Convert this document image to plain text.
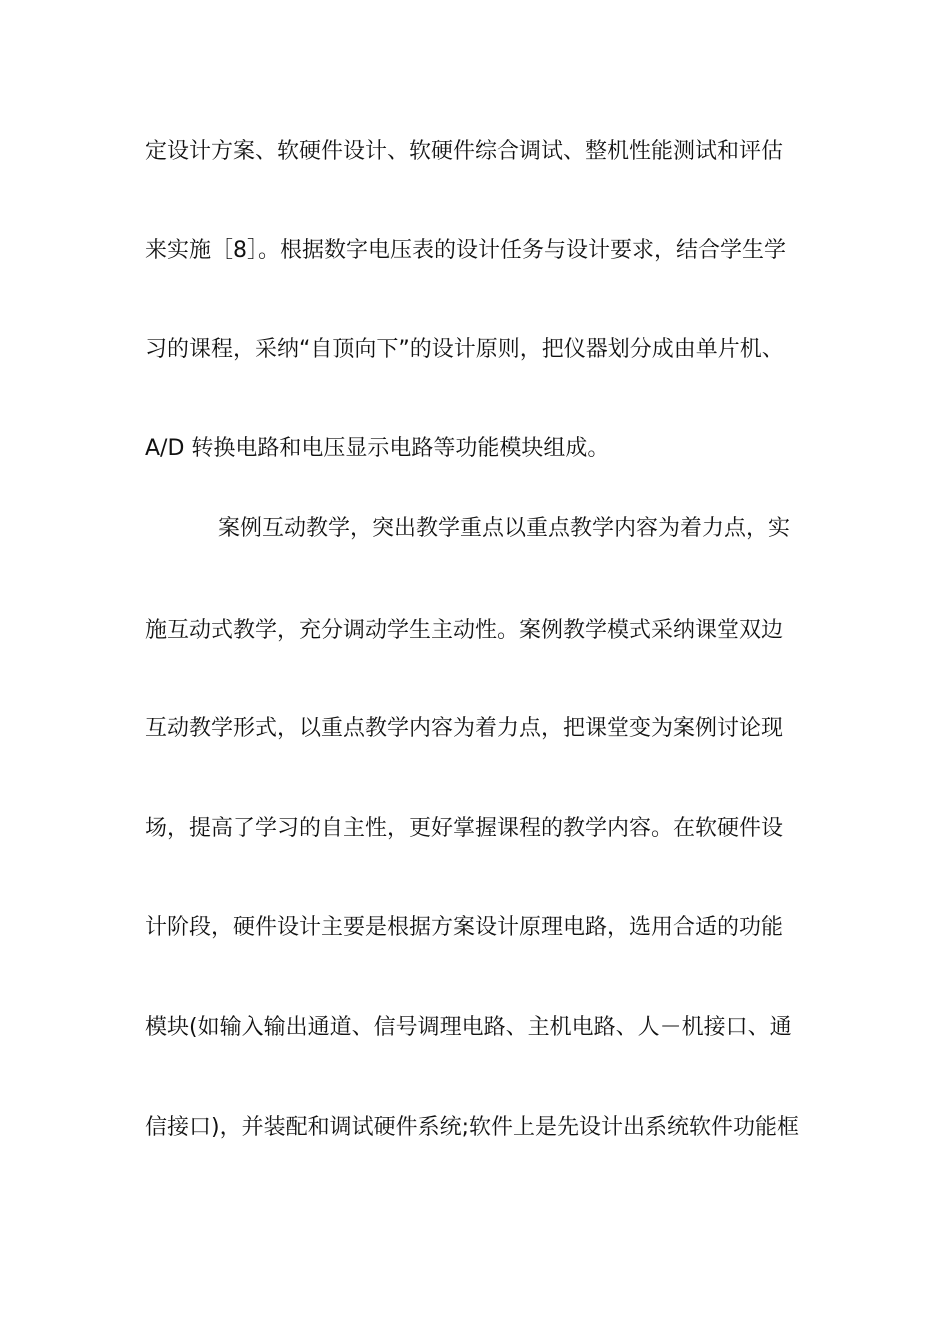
定设计方案、软硬件设计、软硬件综合调试、整机性能测试和评估
来实施［8］。根据数字电压表的设计任务与设计要求，结合学生学
习的课程，采纳“自顶向下”的设计原则，把仪器划分成由单片机、
A/D 转换电路和电压显示电路等功能模块组成。
案例互动教学，突出教学重点以重点教学内容为着力点，实
施互动式教学，充分调动学生主动性。案例教学模式采纳课堂双边
互动教学形式，以重点教学内容为着力点，把课堂变为案例讨论现
场，提高了学习的自主性，更好掌握课程的教学内容。在软硬件设
计阶段，硬件设计主要是根据方案设计原理电路，选用合适的功能
模块(如输入输出通道、信号调理电路、主机电路、人－机接口、通
信接口)，并装配和调试硬件系统;软件上是先设计出系统软件功能框
